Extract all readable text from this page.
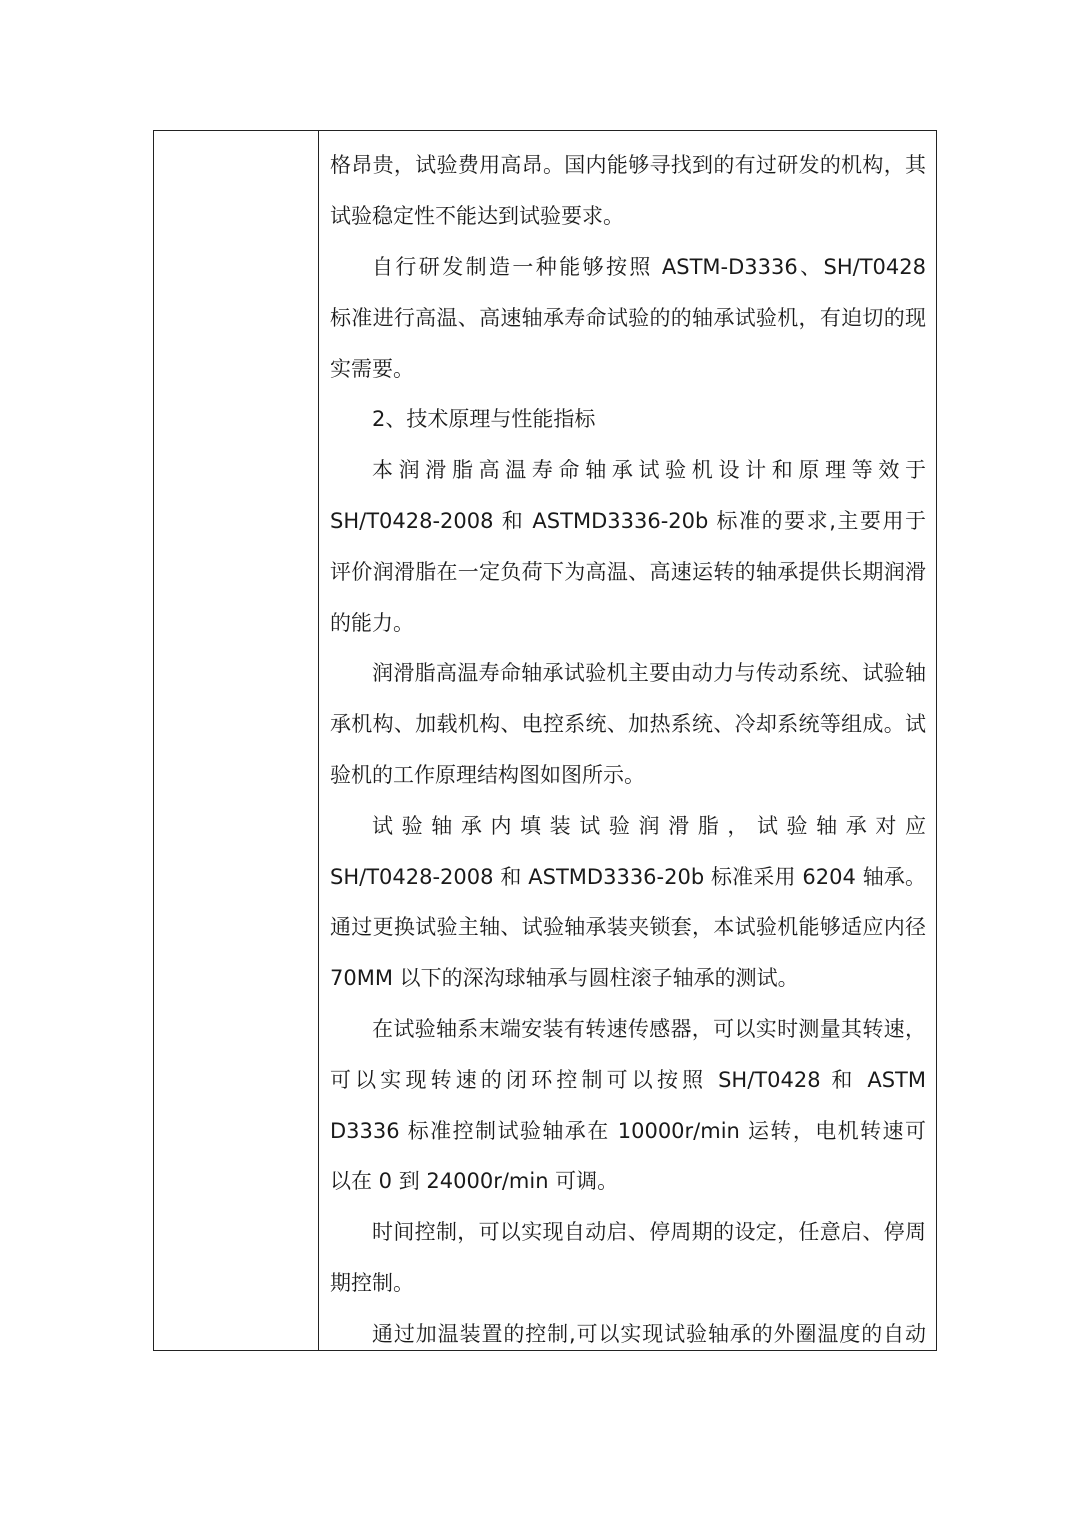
格昂贵，试验费用高昂。国内能够寻找到的有过研发的机构，其
试验稳定性不能达到试验要求。
自行研发制造一种能够按照 ASTM-D3336、SH/T0428
标准进行高温、高速轴承寿命试验的的轴承试验机，有迫切的现
实需要。
2、技术原理与性能指标
本润滑脂高温寿命轴承试验机设计和原理等效于
SH/T0428-2008 和 ASTMD3336-20b 标准的要求,主要用于
评价润滑脂在一定负荷下为高温、高速运转的轴承提供长期润滑
的能力。
润滑脂高温寿命轴承试验机主要由动力与传动系统、试验轴
承机构、加载机构、电控系统、加热系统、冷却系统等组成。试
验机的工作原理结构图如图所示。
试验轴承内填装试验润滑脂，试验轴承对应
SH/T0428-2008 和 ASTMD3336-20b 标准采用 6204 轴承。
通过更换试验主轴、试验轴承装夹锁套，本试验机能够适应内径
70MM 以下的深沟球轴承与圆柱滚子轴承的测试。
在试验轴系末端安装有转速传感器，可以实时测量其转速，
可以实现转速的闭环控制可以按照 SH/T0428 和 ASTM
D3336 标准控制试验轴承在 10000r/min 运转，电机转速可
以在 0 到 24000r/min 可调。
时间控制，可以实现自动启、停周期的设定，任意启、停周
期控制。
通过加温装置的控制,可以实现试验轴承的外圈温度的自动
